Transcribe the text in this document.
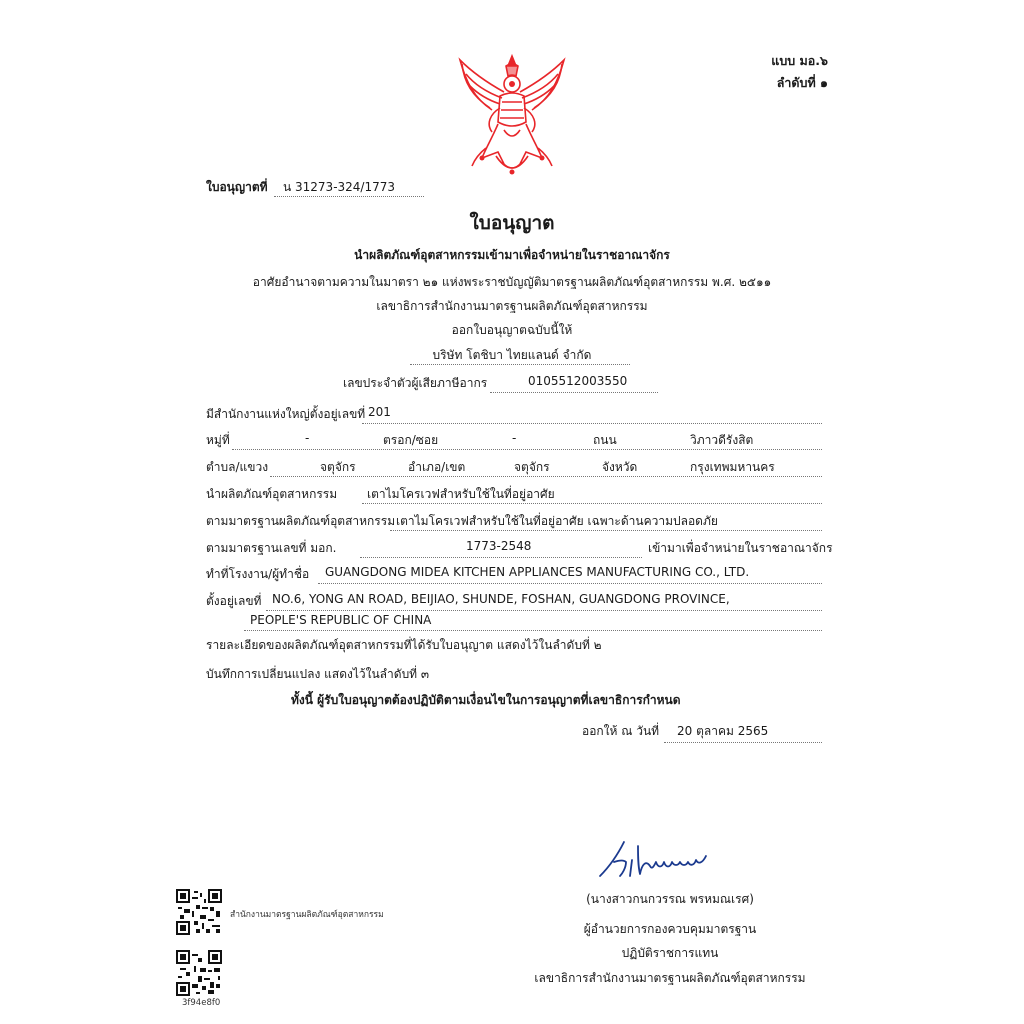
แบบ มอ.๖
ลำดับที่ ๑
ใบอนุญาตที่ น 31273-324/1773
ใบอนุญาต
นำผลิตภัณฑ์อุตสาหกรรมเข้ามาเพื่อจำหน่ายในราชอาณาจักร
อาศัยอำนาจตามความในมาตรา ๒๑ แห่งพระราชบัญญัติมาตรฐานผลิตภัณฑ์อุตสาหกรรม พ.ศ. ๒๕๑๑
เลขาธิการสำนักงานมาตรฐานผลิตภัณฑ์อุตสาหกรรม
ออกใบอนุญาตฉบับนี้ให้
บริษัท โตชิบา ไทยแลนด์ จำกัด
เลขประจำตัวผู้เสียภาษีอากร	0105512003550
มีสำนักงานแห่งใหญ่ตั้งอยู่เลขที่ 201
หมู่ที่	-	ตรอก/ซอย	-	ถนน	วิภาวดีรังสิต
ตำบล/แขวง	จตุจักร	อำเภอ/เขต	จตุจักร	จังหวัด	กรุงเทพมหานคร
นำผลิตภัณฑ์อุตสาหกรรม เตาไมโครเวฟสำหรับใช้ในที่อยู่อาศัย
ตามมาตรฐานผลิตภัณฑ์อุตสาหกรรม เตาไมโครเวฟสำหรับใช้ในที่อยู่อาศัย เฉพาะด้านความปลอดภัย
ตามมาตรฐานเลขที่ มอก.	1773-2548	เข้ามาเพื่อจำหน่ายในราชอาณาจักร
ทำที่โรงงาน/ผู้ทำชื่อ GUANGDONG MIDEA KITCHEN APPLIANCES MANUFACTURING CO., LTD.
ตั้งอยู่เลขที่ NO.6, YONG AN ROAD, BEIJIAO, SHUNDE, FOSHAN, GUANGDONG PROVINCE,
PEOPLE'S REPUBLIC OF CHINA
รายละเอียดของผลิตภัณฑ์อุตสาหกรรมที่ได้รับใบอนุญาต แสดงไว้ในลำดับที่ ๒
บันทึกการเปลี่ยนแปลง แสดงไว้ในลำดับที่ ๓
ทั้งนี้ ผู้รับใบอนุญาตต้องปฏิบัติตามเงื่อนไขในการอนุญาตที่เลขาธิการกำหนด
ออกให้ ณ วันที่ 20 ตุลาคม 2565
(นางสาวกนกวรรณ พรหมณเรศ)
ผู้อำนวยการกองควบคุมมาตรฐาน
ปฏิบัติราชการแทน
เลขาธิการสำนักงานมาตรฐานผลิตภัณฑ์อุตสาหกรรม
สำนักงานมาตรฐานผลิตภัณฑ์อุตสาหกรรม
3f94e8f0
